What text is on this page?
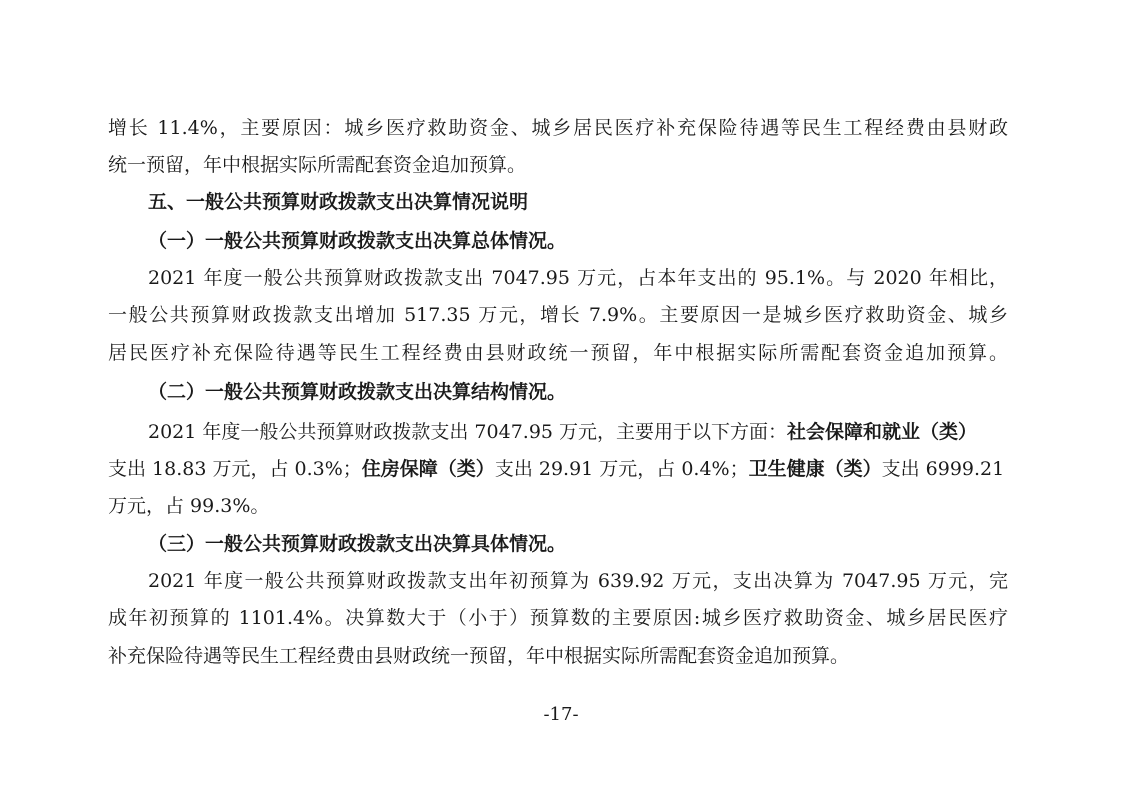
增长 11.4%，主要原因：城乡医疗救助资金、城乡居民医疗补充保险待遇等民生工程经费由县财政
统一预留，年中根据实际所需配套资金追加预算。
五、一般公共预算财政拨款支出决算情况说明
（一）一般公共预算财政拨款支出决算总体情况。
2021 年度一般公共预算财政拨款支出 7047.95 万元，占本年支出的 95.1%。与 2020 年相比，
一般公共预算财政拨款支出增加 517.35 万元，增长 7.9%。主要原因一是城乡医疗救助资金、城乡
居民医疗补充保险待遇等民生工程经费由县财政统一预留，年中根据实际所需配套资金追加预算。
（二）一般公共预算财政拨款支出决算结构情况。
2021 年度一般公共预算财政拨款支出 7047.95 万元，主要用于以下方面：社会保障和就业（类）
支出 18.83 万元，占 0.3%；住房保障（类）支出 29.91 万元，占 0.4%；卫生健康（类）支出 6999.21
万元，占 99.3%。
（三）一般公共预算财政拨款支出决算具体情况。
2021 年度一般公共预算财政拨款支出年初预算为 639.92 万元，支出决算为 7047.95 万元，完
成年初预算的 1101.4%。决算数大于（小于）预算数的主要原因:城乡医疗救助资金、城乡居民医疗
补充保险待遇等民生工程经费由县财政统一预留，年中根据实际所需配套资金追加预算。
-17-
